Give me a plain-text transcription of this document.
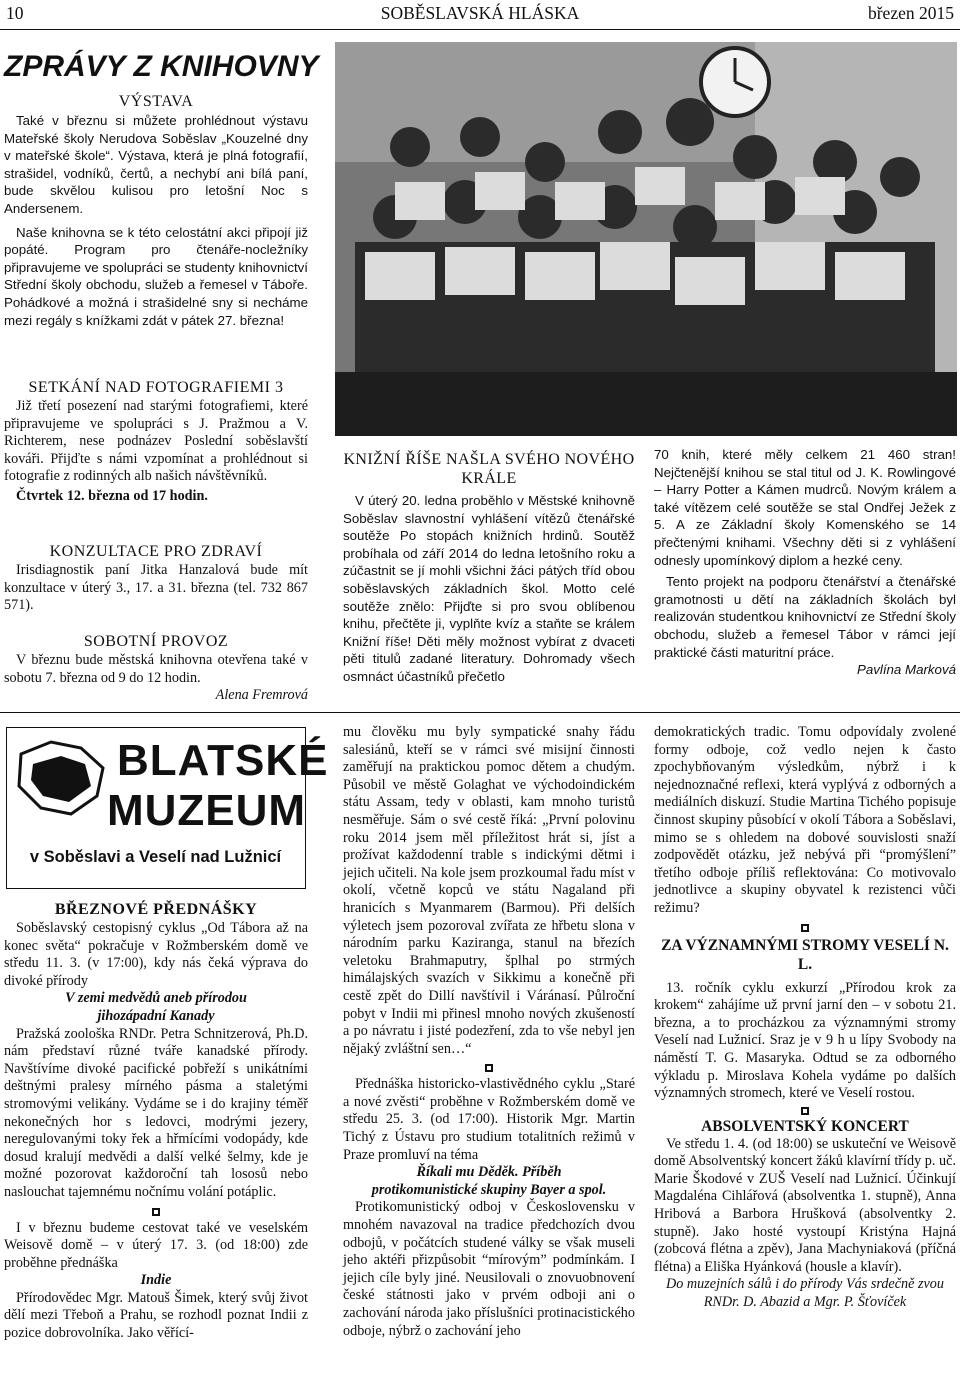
10	SOBĚSLAVSKÁ HLÁSKA	březen 2015
ZPRÁVY Z KNIHOVNY
VÝSTAVA

Také v březnu si můžete prohlédnout výstavu Mateřské školy Nerudova Soběslav „Kouzelné dny v mateřské škole“. Výstava, která je plná fotografií, strašidel, vodníků, čertů, a nechybí ani bílá paní, bude skvělou kulisou pro letošní Noc s Andersenem.

Naše knihovna se k této celostátní akci připojí již popáté. Program pro čtenáře-nocležníky připravujeme ve spolupráci se studenty knihovnictví Střední školy obchodu, služeb a řemesel v Táboře. Pohádkové a možná i strašidelné sny si necháme mezi regály s knížkami zdát v pátek 27. března!

SETKÁNÍ NAD FOTOGRAFIEMI 3

Již třetí posezení nad starými fotografiemi, které připravujeme ve spolupráci s J. Pražmou a V. Richterem, nese podnázev Poslední soběslavští kováři. Přijďte s námi vzpomínat a prohlédnout si fotografie z rodinných alb našich návštěvníků.

Čtvrtek 12. března od 17 hodin.

KONZULTACE PRO ZDRAVÍ

Irisdiagnostik paní Jitka Hanzalová bude mít konzultace v úterý 3., 17. a 31. března (tel. 732 867 571).

SOBOTNÍ PROVOZ

V březnu bude městská knihovna otevřena také v sobotu 7. března od 9 do 12 hodin.

Alena Fremrová

KNIŽNÍ ŘÍŠE NAŠLA SVÉHO NOVÉHO KRÁLE

V úterý 20. ledna proběhlo v Městské knihovně Soběslav slavnostní vyhlášení vítězů čtenářské soutěže Po stopách knižních hrdinů. Soutěž probíhala od září 2014 do ledna letošního roku a zúčastnit se jí mohli všichni žáci pátých tříd obou soběslavských základních škol. Motto celé soutěže znělo: Přijďte si pro svou oblíbenou knihu, přečtěte ji, vyplňte kvíz a staňte se králem Knižní říše! Děti měly možnost vybírat z dvaceti pěti titulů zadané literatury. Dohromady všech osmnáct účastníků přečetlo

70 knih, které měly celkem 21 460 stran! Nejčtenější knihou se stal titul od J. K. Rowlingové – Harry Potter a Kámen mudrců. Novým králem a také vítězem celé soutěže se stal Ondřej Ježek z 5. A ze Základní školy Komenského se 14 přečtenými knihami. Všechny děti si z vyhlášení odnesly upomínkový diplom a hezké ceny.

Tento projekt na podporu čtenářství a čtenářské gramotnosti u dětí na základních školách byl realizován studentkou knihovnictví ze Střední školy obchodu, služeb a řemesel Tábor v rámci její praktické části maturitní práce.

Pavlína Marková

BLATSKÉ
MUZEUM
v Soběslavi a Veselí nad Lužnicí
BŘEZNOVÉ PŘEDNÁŠKY

Soběslavský cestopisný cyklus „Od Tábora až na konec světa“ pokračuje v Rožmberském domě ve středu 11. 3. (v 17:00), kdy nás čeká výprava do divoké přírody

V zemi medvědů aneb přírodou jihozápadní Kanady

Pražská zoološka RNDr. Petra Schnitzerová, Ph.D. nám představí různé tváře kanadské přírody. Navštívíme divoké pacifické pobřeží s unikátními deštnými pralesy mírného pásma a staletými stromovými velikány. Vydáme se i do krajiny téměř nekonečných hor s ledovci, modrými jezery, neregulovanými toky řek a hřmícími vodopády, kde dosud kralují medvědi a další velké šelmy, kde je možné pozorovat každoroční tah lososů nebo naslouchat tajemnému nočnímu volání potáplic.

I v březnu budeme cestovat také ve veselském Weisově domě – v úterý 17. 3. (od 18:00) zde proběhne přednáška

Indie

Přírodovědec Mgr. Matouš Šimek, který svůj život dělí mezi Třeboň a Prahu, se rozhodl poznat Indii z pozice dobrovolníka. Jako věřící-

mu člověku mu byly sympatické snahy řádu salesiánů, kteří se v rámci své misijní činnosti zaměřují na praktickou pomoc dětem a chudým. Působil ve městě Golaghat ve východoindickém státu Assam, tedy v oblasti, kam mnoho turistů nesměřuje. Sám o své cestě říká: „První polovinu roku 2014 jsem měl příležitost hrát si, jíst a prožívat každodenní trable s indickými dětmi i jejich učiteli. Na kole jsem prozkoumal řadu míst v okolí, včetně kopců ve státu Nagaland při hranicích s Myanmarem (Barmou). Při delších výletech jsem pozoroval zvířata ze hřbetu slona v národním parku Kaziranga, stanul na březích veletoku Brahmaputry, šplhal po strmých himálajských svazích v Sikkimu a konečně při cestě zpět do Dillí navštívil i Váránasí. Půlroční pobyt v Indii mi přinesl mnoho nových zkušeností a po návratu i jisté podezření, zda to vše nebyl jen nějaký zvláštní sen…“

Přednáška historicko-vlastivědného cyklu „Staré a nové zvěsti“ proběhne v Rožmberském domě ve středu 25. 3. (od 17:00). Historik Mgr. Martin Tichý z Ústavu pro studium totalitních režimů v Praze promluví na téma

Říkali mu Děděk. Příběh protikomunistické skupiny Bayer a spol.

Protikomunistický odboj v Československu v mnohém navazoval na tradice předchozích dvou odbojů, v počátcích studené války se však museli jeho aktéři přizpůsobit “mírovým” podmínkám. I jejich cíle byly jiné. Neusilovali o znovuobnovení české státnosti jako v prvém odboji ani o zachování národa jako příslušníci protinacistického odboje, nýbrž o zachování jeho

demokratických tradic. Tomu odpovídaly zvolené formy odboje, což vedlo nejen k často zpochybňovaným výsledkům, nýbrž i k nejednoznačné reflexi, která vyplývá z odborných a mediálních diskuzí. Studie Martina Tichého popisuje činnost skupiny působící v okolí Tábora a Soběslavi, mimo se s ohledem na dobové souvislosti snaží zodpovědět otázku, jež nebývá při “promýšlení” třetího odboje příliš reflektována: Co motivovalo jednotlivce a skupiny obyvatel k rezistenci vůči režimu?

ZA VÝZNAMNÝMI STROMY VESELÍ N. L.

13. ročník cyklu exkurzí „Přírodou krok za krokem“ zahájíme už první jarní den – v sobotu 21. března, a to procházkou za významnými stromy Veselí nad Lužnicí. Sraz je v 9 h u lípy Svobody na náměstí T. G. Masaryka. Odtud se za odborného výkladu p. Miroslava Kohela vydáme po dalších významných stromech, které ve Veselí rostou.

ABSOLVENTSKÝ KONCERT

Ve středu 1. 4. (od 18:00) se uskuteční ve Weisově domě Absolventský koncert žáků klavírní třídy p. uč. Marie Škodové v ZUŠ Veselí nad Lužnicí. Účinkují Magdaléna Cihlářová (absolventka 1. stupně), Anna Hribová a Barbora Hrušková (absolventky 2. stupně). Jako hosté vystoupí Kristýna Hajná (zobcová flétna a zpěv), Jana Machyniaková (příčná flétna) a Eliška Hyánková (housle a klavír).

Do muzejních sálů i do přírody Vás srdečně zvou RNDr. D. Abazid a Mgr. P. Šťovíček
